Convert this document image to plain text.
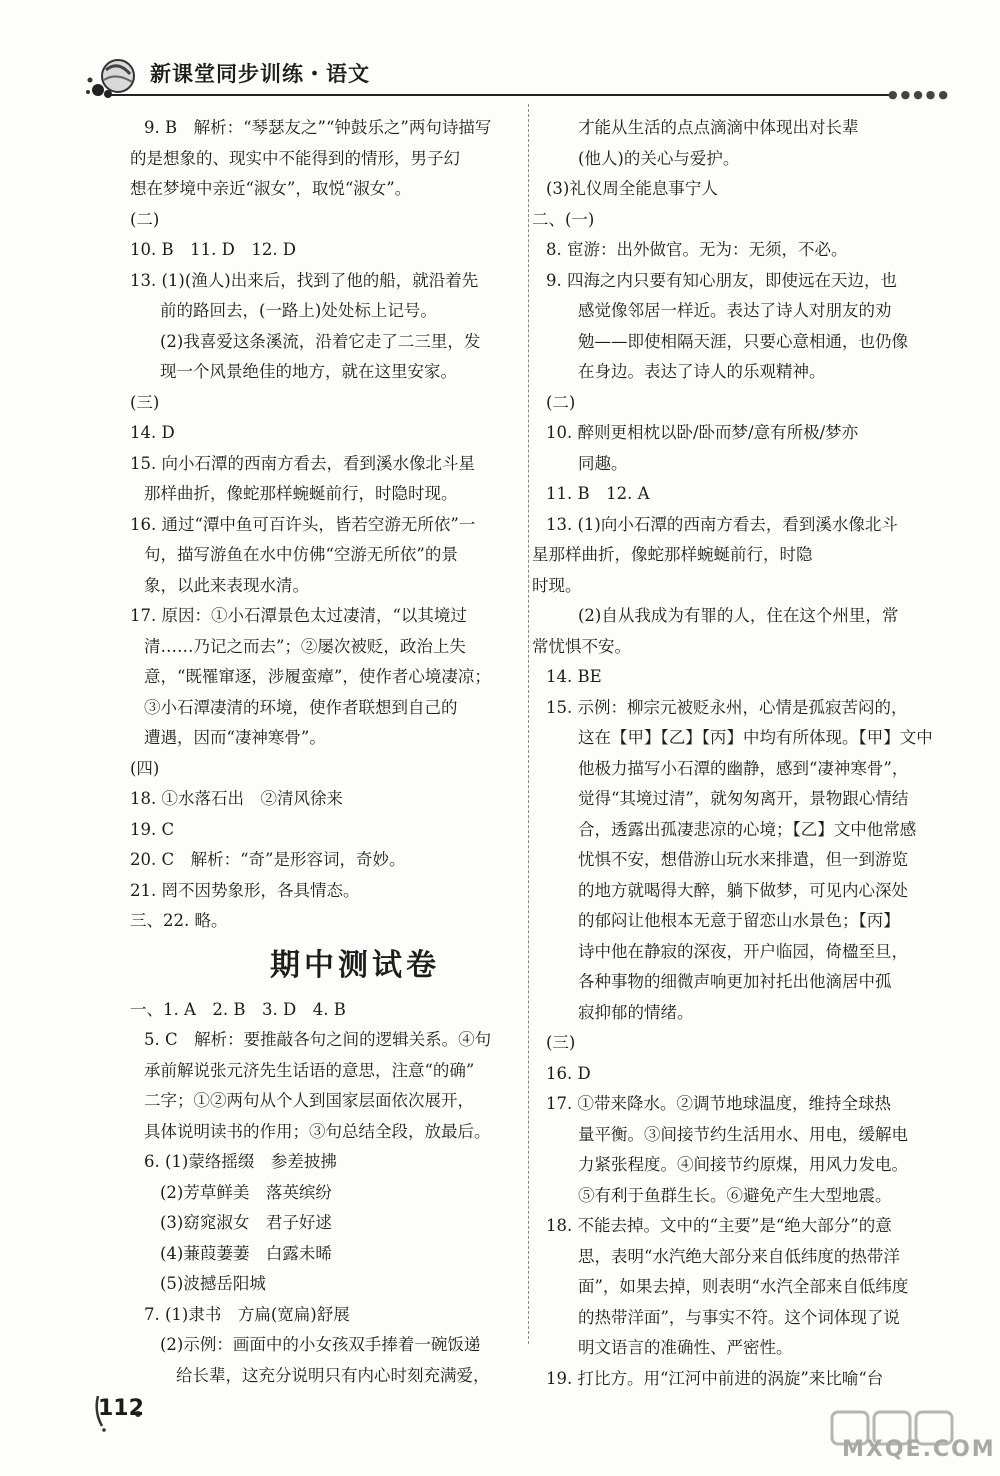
新课堂同步训练・语文
●●●●●

9. B　解析：“琴瑟友之”“钟鼓乐之”两句诗描写

的是想象的、现实中不能得到的情形，男子幻

想在梦境中亲近“淑女”，取悦“淑女”。

(二)

10. B　11. D　12. D

13. (1)(渔人)出来后，找到了他的船，就沿着先

前的路回去，(一路上)处处标上记号。

(2)我喜爱这条溪流，沿着它走了二三里，发

现一个风景绝佳的地方，就在这里安家。

(三)

14. D

15. 向小石潭的西南方看去，看到溪水像北斗星

那样曲折，像蛇那样蜿蜒前行，时隐时现。

16. 通过“潭中鱼可百许头，皆若空游无所依”一

句，描写游鱼在水中仿佛“空游无所依”的景

象，以此来表现水清。

17. 原因：①小石潭景色太过凄清，“以其境过

清……乃记之而去”；②屡次被贬，政治上失

意，“既罹窜逐，涉履蛮瘴”，使作者心境凄凉；

③小石潭凄清的环境，使作者联想到自己的

遭遇，因而“凄神寒骨”。

(四)

18. ①水落石出　②清风徐来

19. C

20. C　解析：“奇”是形容词，奇妙。

21. 罔不因势象形，各具情态。

三、22. 略。

期中测试卷

一、1. A　2. B　3. D　4. B

5. C　解析：要推敲各句之间的逻辑关系。④句

承前解说张元济先生话语的意思，注意“的确”

二字；①②两句从个人到国家层面依次展开，

具体说明读书的作用；③句总结全段，放最后。

6. (1)蒙络摇缀　参差披拂

(2)芳草鲜美　落英缤纷

(3)窈窕淑女　君子好逑

(4)蒹葭萋萋　白露未晞

(5)波撼岳阳城

7. (1)隶书　方扁(宽扁)舒展

(2)示例：画面中的小女孩双手捧着一碗饭递

给长辈，这充分说明只有内心时刻充满爱，

才能从生活的点点滴滴中体现出对长辈

(他人)的关心与爱护。

(3)礼仪周全能息事宁人

二、(一)

8. 宦游：出外做官。无为：无须，不必。

9. 四海之内只要有知心朋友，即使远在天边，也

感觉像邻居一样近。表达了诗人对朋友的劝

勉——即使相隔天涯，只要心意相通，也仍像

在身边。表达了诗人的乐观精神。

(二)

10. 醉则更相枕以卧/卧而梦/意有所极/梦亦

同趣。

11. B　12. A

13. (1)向小石潭的西南方看去，看到溪水像北斗

星那样曲折，像蛇那样蜿蜒前行，时隐

时现。

(2)自从我成为有罪的人，住在这个州里，常

常忧惧不安。

14. BE

15. 示例：柳宗元被贬永州，心情是孤寂苦闷的，

这在【甲】【乙】【丙】中均有所体现。【甲】文中

他极力描写小石潭的幽静，感到“凄神寒骨”，

觉得“其境过清”，就匆匆离开，景物跟心情结

合，透露出孤凄悲凉的心境；【乙】文中他常感

忧惧不安，想借游山玩水来排遣，但一到游览

的地方就喝得大醉，躺下做梦，可见内心深处

的郁闷让他根本无意于留恋山水景色；【丙】

诗中他在静寂的深夜，开户临园，倚楹至旦，

各种事物的细微声响更加衬托出他滴居中孤

寂抑郁的情绪。

(三)

16. D

17. ①带来降水。②调节地球温度，维持全球热

量平衡。③间接节约生活用水、用电，缓解电

力紧张程度。④间接节约原煤，用风力发电。

⑤有利于鱼群生长。⑥避免产生大型地震。

18. 不能去掉。文中的“主要”是“绝大部分”的意

思，表明“水汽绝大部分来自低纬度的热带洋

面”，如果去掉，则表明“水汽全部来自低纬度

的热带洋面”，与事实不符。这个词体现了说

明文语言的准确性、严密性。

19. 打比方。用“江河中前进的涡旋”来比喻“台

112
MXQE.COM
